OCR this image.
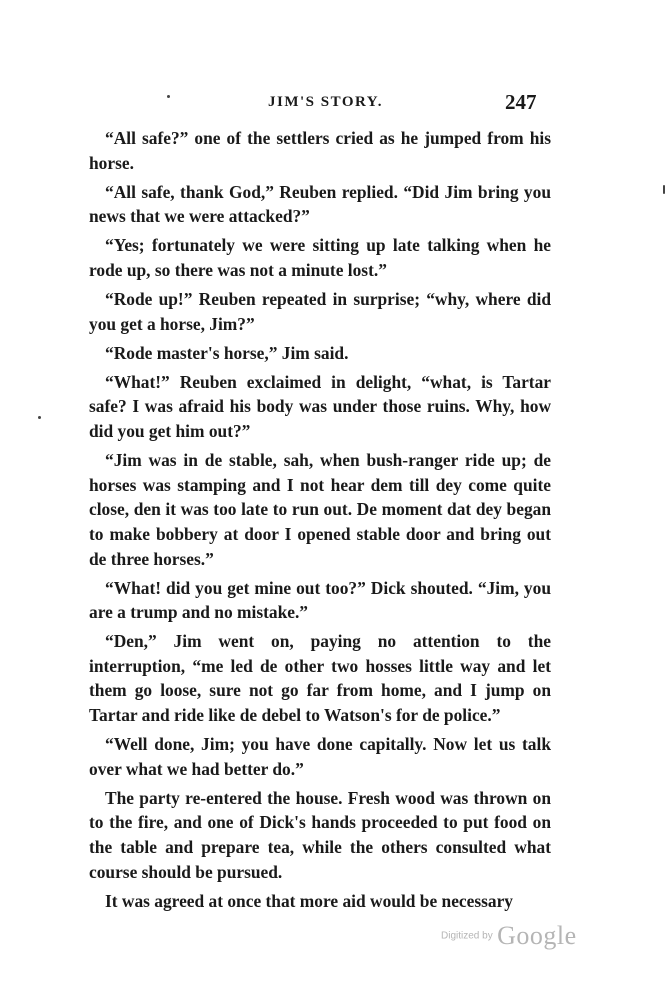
JIM'S STORY.	247

“All safe?” one of the settlers cried as he jumped from his horse.

“All safe, thank God,” Reuben replied. “Did Jim bring you news that we were attacked?”

“Yes; fortunately we were sitting up late talking when he rode up, so there was not a minute lost.”

“Rode up!” Reuben repeated in surprise; “why, where did you get a horse, Jim?”

“Rode master's horse,” Jim said.

“What!” Reuben exclaimed in delight, “what, is Tartar safe? I was afraid his body was under those ruins. Why, how did you get him out?”

“Jim was in de stable, sah, when bush-ranger ride up; de horses was stamping and I not hear dem till dey come quite close, den it was too late to run out. De moment dat dey began to make bobbery at door I opened stable door and bring out de three horses.”

“What! did you get mine out too?” Dick shouted. “Jim, you are a trump and no mistake.”

“Den,” Jim went on, paying no attention to the interruption, “me led de other two hosses little way and let them go loose, sure not go far from home, and I jump on Tartar and ride like de debel to Watson's for de police.”

“Well done, Jim; you have done capitally. Now let us talk over what we had better do.”

The party re-entered the house. Fresh wood was thrown on to the fire, and one of Dick's hands proceeded to put food on the table and prepare tea, while the others consulted what course should be pursued.

It was agreed at once that more aid would be necessary

Digitized by Google
